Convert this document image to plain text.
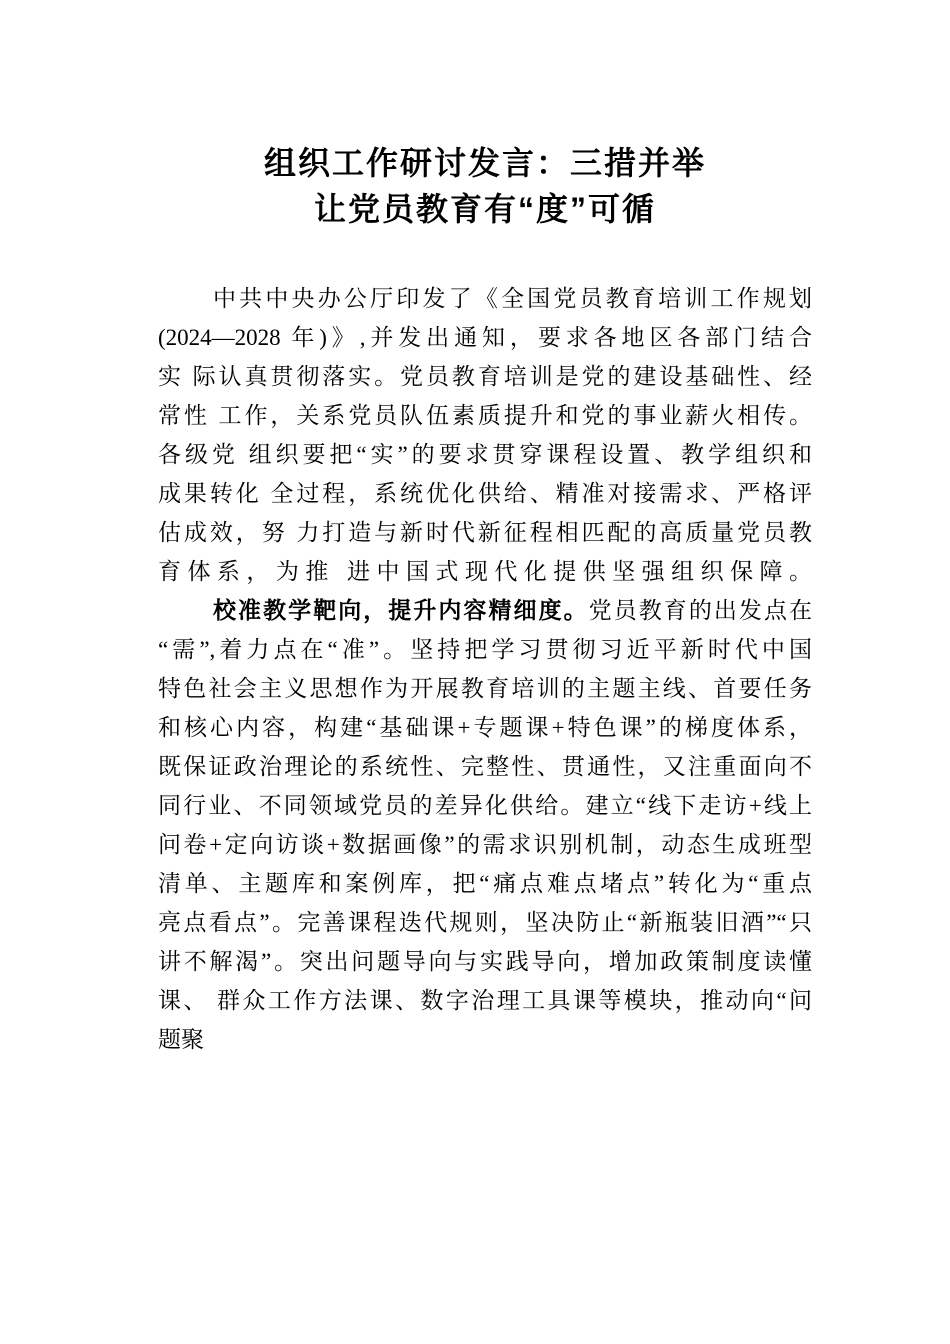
组织工作研讨发言：三措并举
让党员教育有“度”可循
中共中央办公厅印发了《全国党员教育培训工作规划
(2024—2028 年)》,并发出通知，要求各地区各部门结合
实 际认真贯彻落实。党员教育培训是党的建设基础性、经
常性 工作，关系党员队伍素质提升和党的事业薪火相传。
各级党 组织要把“实”的要求贯穿课程设置、教学组织和
成果转化 全过程，系统优化供给、精准对接需求、严格评
估成效，努 力打造与新时代新征程相匹配的高质量党员教
育体系，为推 进中国式现代化提供坚强组织保障。
校准教学靶向，提升内容精细度。党员教育的出发点在
“需”,着力点在“准”。坚持把学习贯彻习近平新时代中国
特色社会主义思想作为开展教育培训的主题主线、首要任务
和核心内容，构建“基础课+专题课+特色课”的梯度体系，
既保证政治理论的系统性、完整性、贯通性，又注重面向不
同行业、不同领域党员的差异化供给。建立“线下走访+线上
问卷+定向访谈+数据画像”的需求识别机制，动态生成班型
清单、主题库和案例库，把“痛点难点堵点”转化为“重点
亮点看点”。完善课程迭代规则，坚决防止“新瓶装旧酒”“只
讲不解渴”。突出问题导向与实践导向，增加政策制度读懂
课、 群众工作方法课、数字治理工具课等模块，推动向“问
题聚
